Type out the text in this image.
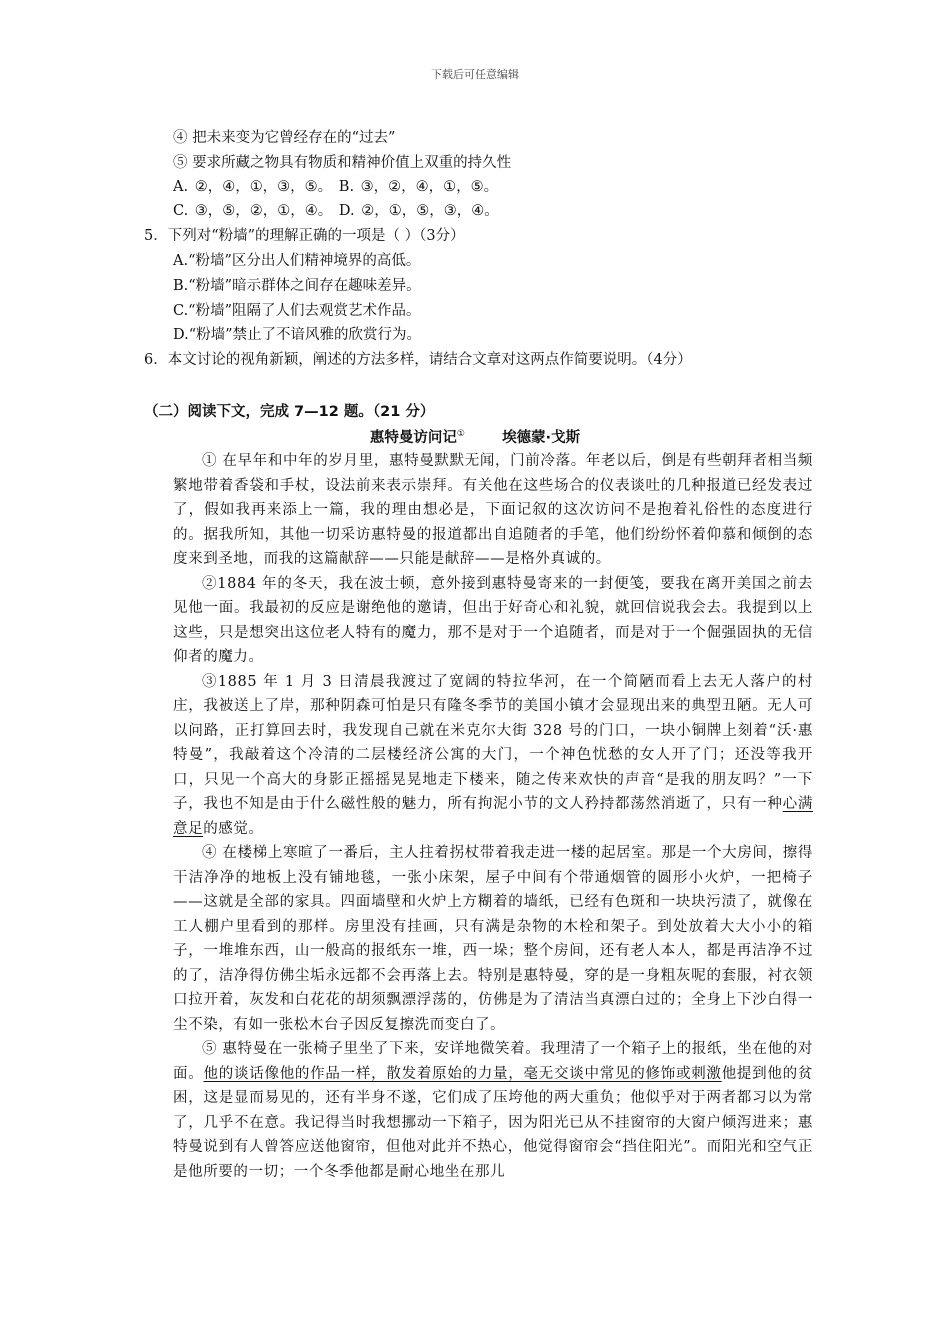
下载后可任意编辑
④ 把未来变为它曾经存在的“过去”
⑤ 要求所藏之物具有物质和精神价值上双重的持久性
A. ②，④，①，③，⑤。 B. ③，②，④，①，⑤。
C. ③，⑤，②，①，④。 D. ②，①，⑤，③，④。
5．下列对“粉墙”的理解正确的一项是（ ）（3分）
A.“粉墙”区分出人们精神境界的高低。
B.“粉墙”暗示群体之间存在趣味差异。
C.“粉墙”阻隔了人们去观赏艺术作品。
D.“粉墙”禁止了不谙风雅的欣赏行为。
6．本文讨论的视角新颖，阐述的方法多样，请结合文章对这两点作简要说明。（4分）
（二）阅读下文，完成 7—12 题。（21 分）
惠特曼访问记①	埃德蒙·戈斯

① 在早年和中年的岁月里，惠特曼默默无闻，门前冷落。年老以后，倒是有些朝拜者相当频繁地带着香袋和手杖，设法前来表示崇拜。有关他在这些场合的仪表谈吐的几种报道已经发表过了，假如我再来添上一篇，我的理由想必是，下面记叙的这次访问不是抱着礼俗性的态度进行的。据我所知，其他一切采访惠特曼的报道都出自追随者的手笔，他们纷纷怀着仰慕和倾倒的态度来到圣地，而我的这篇献辞——只能是献辞——是格外真诚的。

②1884 年的冬天，我在波士顿，意外接到惠特曼寄来的一封便笺，要我在离开美国之前去见他一面。我最初的反应是谢绝他的邀请，但出于好奇心和礼貌，就回信说我会去。我提到以上这些，只是想突出这位老人特有的魔力，那不是对于一个追随者，而是对于一个倔强固执的无信仰者的魔力。

③1885 年 1 月 3 日清晨我渡过了宽阔的特拉华河，在一个简陋而看上去无人落户的村庄，我被送上了岸，那种阴森可怕是只有隆冬季节的美国小镇才会显现出来的典型丑陋。无人可以问路，正打算回去时，我发现自己就在米克尔大街 328 号的门口，一块小铜牌上刻着“沃·惠特曼”，我敲着这个冷清的二层楼经济公寓的大门，一个神色忧愁的女人开了门；还没等我开口，只见一个高大的身影正摇摇晃晃地走下楼来，随之传来欢快的声音“是我的朋友吗？”一下子，我也不知是由于什么磁性般的魅力，所有拘泥小节的文人矜持都荡然消逝了，只有一种心满意足的感觉。

④ 在楼梯上寒暄了一番后，主人拄着拐杖带着我走进一楼的起居室。那是一个大房间，擦得干洁净净的地板上没有铺地毯，一张小床架，屋子中间有个带通烟管的圆形小火炉，一把椅子——这就是全部的家具。四面墙壁和火炉上方糊着的墙纸，已经有色斑和一块块污渍了，就像在工人棚户里看到的那样。房里没有挂画，只有满是杂物的木栓和架子。到处放着大大小小的箱子，一堆堆东西，山一般高的报纸东一堆，西一垛；整个房间，还有老人本人，都是再洁净不过的了，洁净得仿佛尘垢永远都不会再落上去。特别是惠特曼，穿的是一身粗灰呢的套服，衬衣领口拉开着，灰发和白花花的胡须飘漂浮荡的，仿佛是为了清洁当真漂白过的；全身上下沙白得一尘不染，有如一张松木台子因反复擦洗而变白了。

⑤ 惠特曼在一张椅子里坐了下来，安详地微笑着。我理清了一个箱子上的报纸，坐在他的对面。他的谈话像他的作品一样，散发着原始的力量，毫无交谈中常见的修饰或刺激他提到他的贫困，这是显而易见的，还有半身不遂，它们成了压垮他的两大重负；他似乎对于两者都习以为常了，几乎不在意。我记得当时我想挪动一下箱子，因为阳光已从不挂窗帘的大窗户倾泻进来；惠特曼说到有人曾答应送他窗帘，但他对此并不热心，他觉得窗帘会“挡住阳光”。而阳光和空气正是他所要的一切；一个冬季他都是耐心地坐在那儿
